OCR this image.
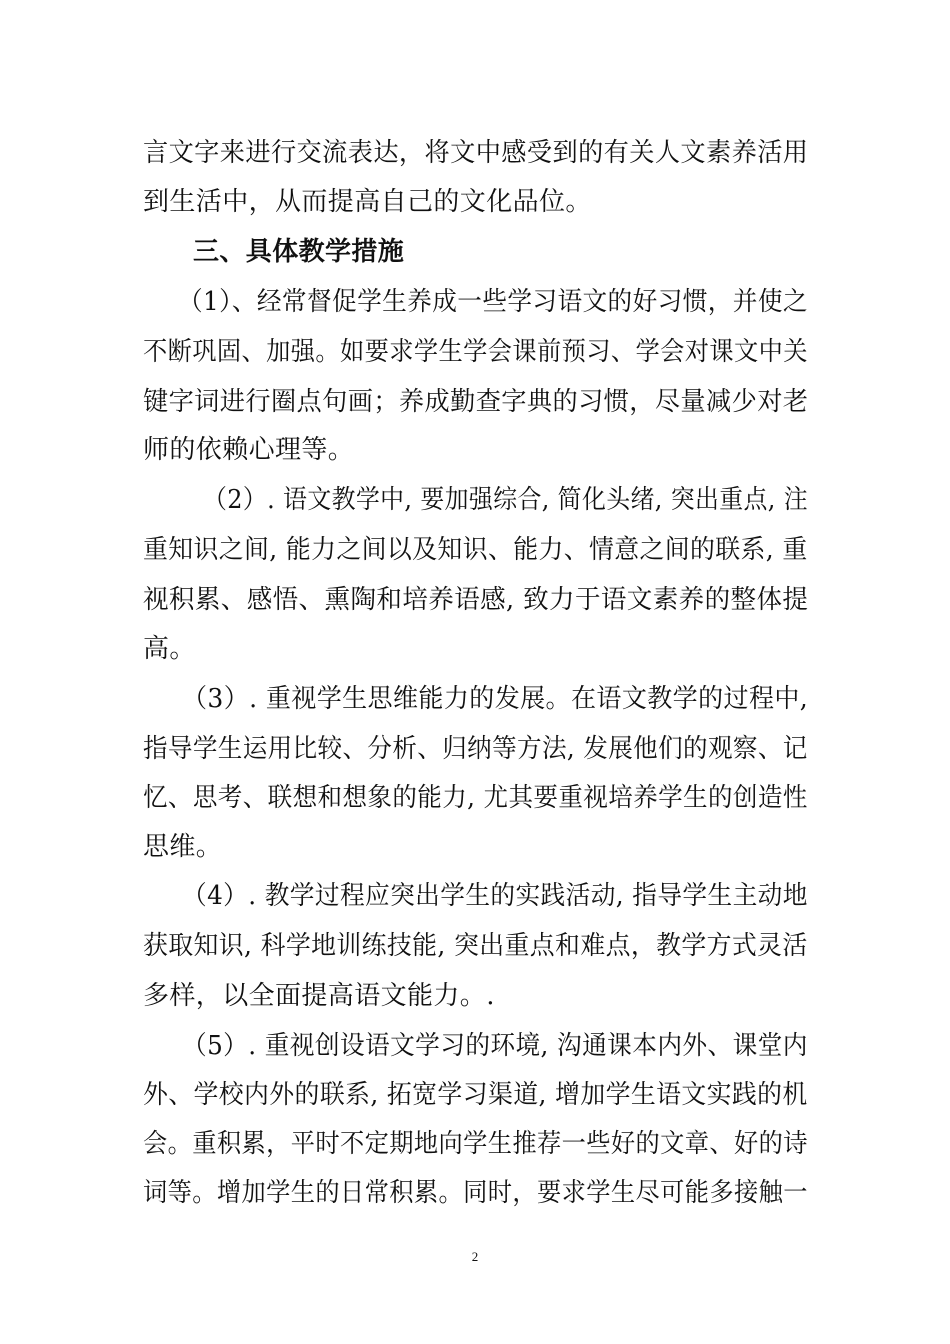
言文字来进行交流表达，将文中感受到的有关人文素养活用
到生活中，从而提高自己的文化品位。
三、具体教学措施
（1）、经常督促学生养成一些学习语文的好习惯，并使之
不断巩固、加强。如要求学生学会课前预习、学会对课文中关
键字词进行圈点句画；养成勤查字典的习惯，尽量减少对老
师的依赖心理等。
（2）. 语文教学中, 要加强综合, 简化头绪, 突出重点, 注
重知识之间, 能力之间以及知识、能力、情意之间的联系, 重
视积累、感悟、熏陶和培养语感, 致力于语文素养的整体提
高。
（3）. 重视学生思维能力的发展。在语文教学的过程中,
指导学生运用比较、分析、归纳等方法, 发展他们的观察、记
忆、思考、联想和想象的能力, 尤其要重视培养学生的创造性
思维。
（4）. 教学过程应突出学生的实践活动, 指导学生主动地
获取知识, 科学地训练技能, 突出重点和难点，教学方式灵活
多样，以全面提高语文能力。.
（5）. 重视创设语文学习的环境, 沟通课本内外、课堂内
外、学校内外的联系, 拓宽学习渠道, 增加学生语文实践的机
会。重积累，平时不定期地向学生推荐一些好的文章、好的诗
词等。增加学生的日常积累。同时，要求学生尽可能多接触一
2
